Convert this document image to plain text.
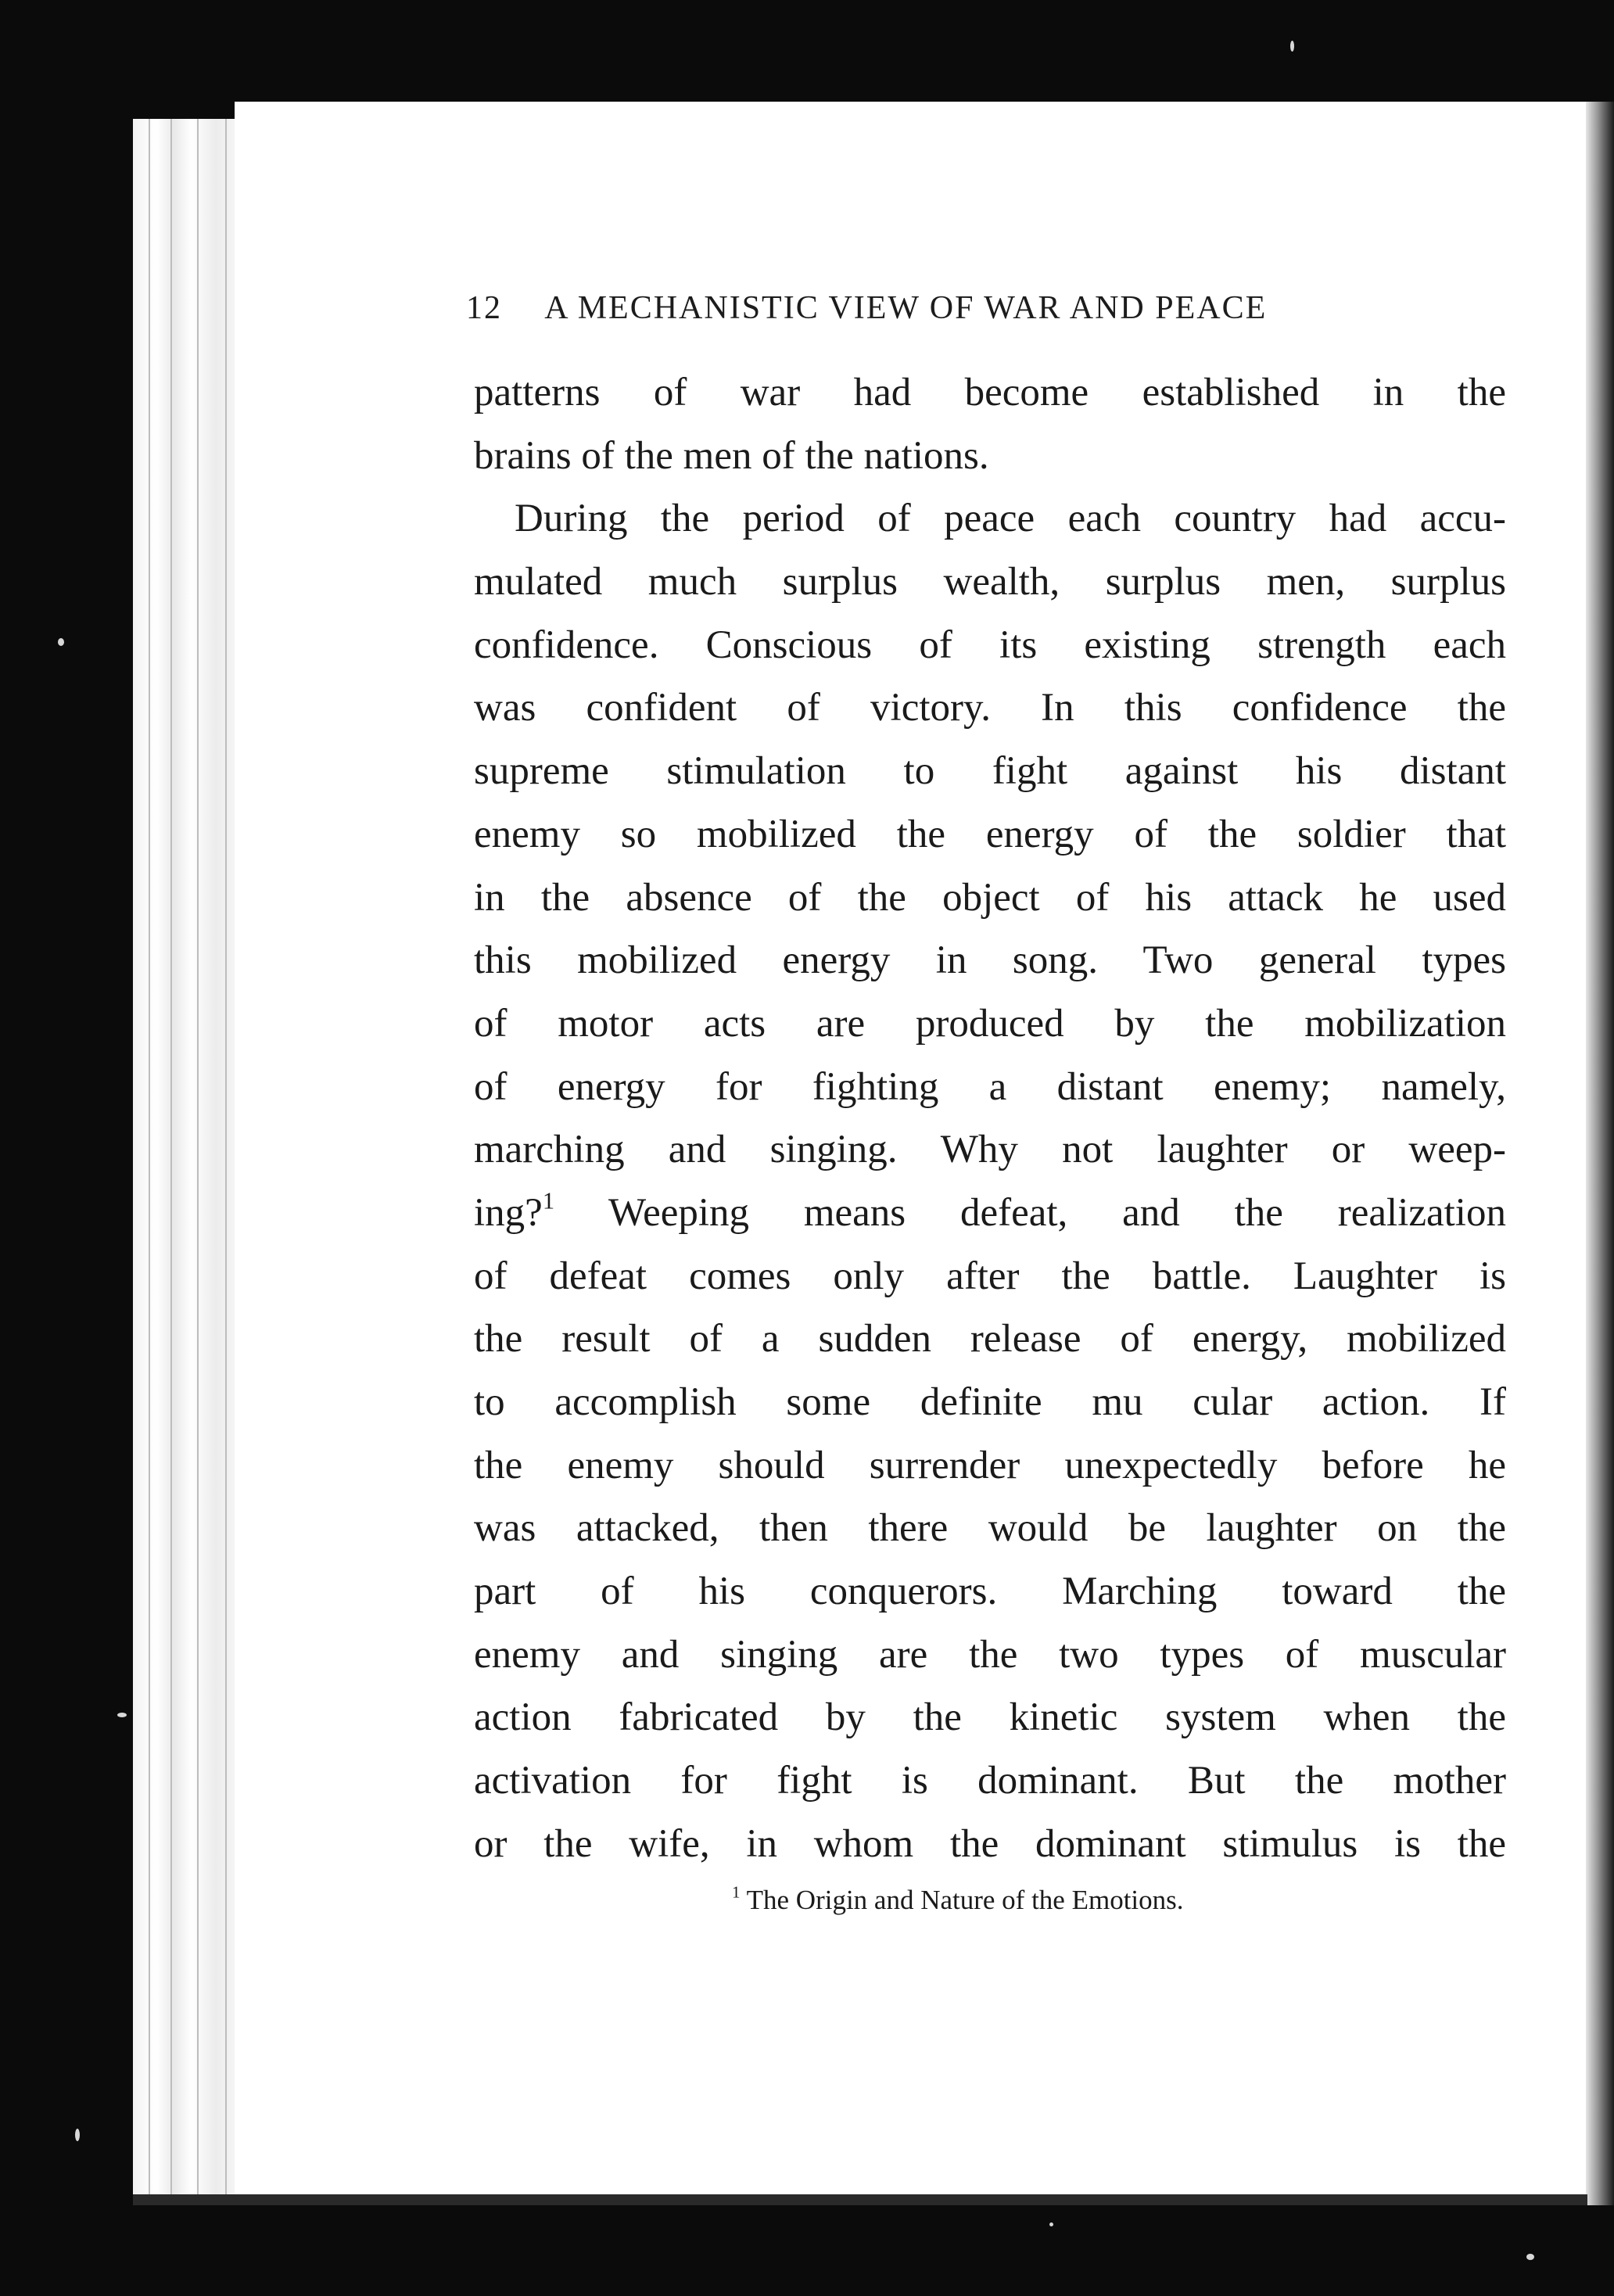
12 A MECHANISTIC VIEW OF WAR AND PEACE
patterns of war had become established in the
brains of the men of the nations.
During the period of peace each country had accu-
mulated much surplus wealth, surplus men, surplus
confidence. Conscious of its existing strength each
was confident of victory. In this confidence the
supreme stimulation to fight against his distant
enemy so mobilized the energy of the soldier that
in the absence of the object of his attack he used
this mobilized energy in song. Two general types
of motor acts are produced by the mobilization
of energy for fighting a distant enemy; namely,
marching and singing. Why not laughter or weep-
ing?$^1$ Weeping means defeat, and the realization
of defeat comes only after the battle. Laughter is
the result of a sudden release of energy, mobilized
to accomplish some definite mu cular action. If
the enemy should surrender unexpectedly before he
was attacked, then there would be laughter on the
part of his conquerors. Marching toward the
enemy and singing are the two types of muscular
action fabricated by the kinetic system when the
activation for fight is dominant. But the mother
or the wife, in whom the dominant stimulus is the
$^1$ The Origin and Nature of the Emotions.
